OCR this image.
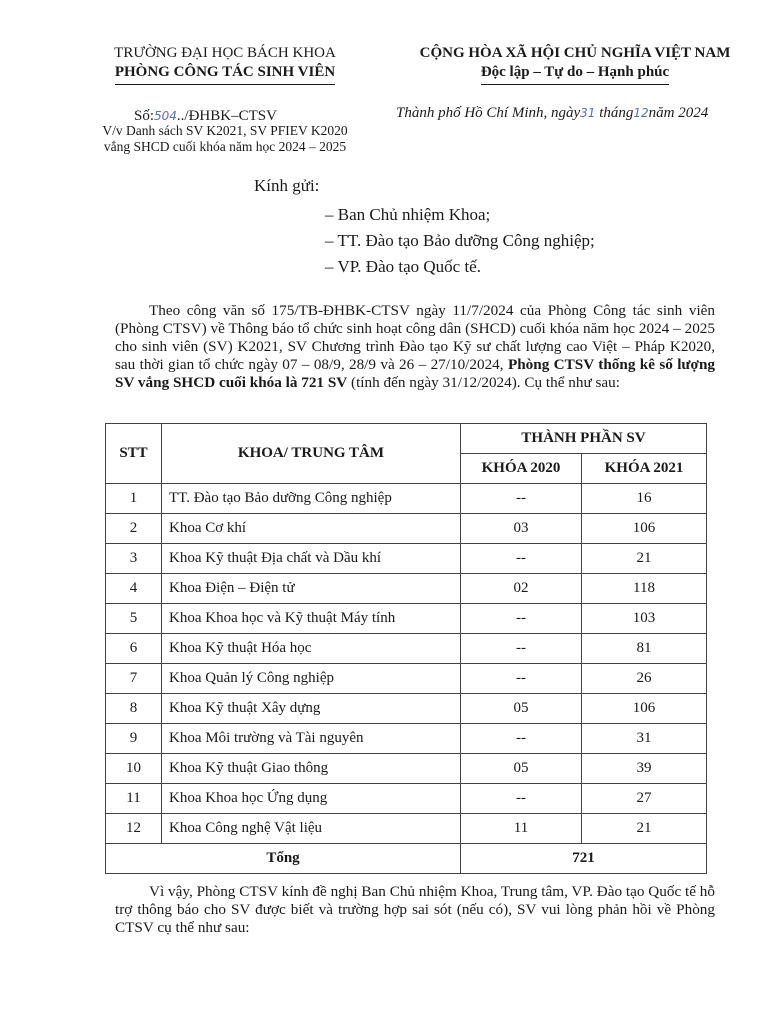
TRƯỜNG ĐẠI HỌC BÁCH KHOA
PHÒNG CÔNG TÁC SINH VIÊN
CỘNG HÒA XÃ HỘI CHỦ NGHĨA VIỆT NAM
Độc lập – Tự do – Hạnh phúc
Số:504../ĐHBK–CTSV
V/v Danh sách SV K2021, SV PFIEV K2020
vắng SHCD cuối khóa năm học 2024 – 2025
Thành phố Hồ Chí Minh, ngày31 tháng12năm 2024
Kính gửi:
– Ban Chủ nhiệm Khoa;
– TT. Đào tạo Bảo dưỡng Công nghiệp;
– VP. Đào tạo Quốc tế.

Theo công văn số 175/TB-ĐHBK-CTSV ngày 11/7/2024 của Phòng Công tác sinh viên (Phòng CTSV) về Thông báo tổ chức sinh hoạt công dân (SHCD) cuối khóa năm học 2024 – 2025 cho sinh viên (SV) K2021, SV Chương trình Đào tạo Kỹ sư chất lượng cao Việt – Pháp K2020, sau thời gian tổ chức ngày 07 – 08/9, 28/9 và 26 – 27/10/2024, Phòng CTSV thống kê số lượng SV vắng SHCD cuối khóa là 721 SV (tính đến ngày 31/12/2024). Cụ thể như sau:

STT	KHOA/ TRUNG TÂM	THÀNH PHẦN SV	
		KHÓA 2020	KHÓA 2021
1	TT. Đào tạo Bảo dưỡng Công nghiệp	--	16
2	Khoa Cơ khí	03	106
3	Khoa Kỹ thuật Địa chất và Dầu khí	--	21
4	Khoa Điện – Điện tử	02	118
5	Khoa Khoa học và Kỹ thuật Máy tính	--	103
6	Khoa Kỹ thuật Hóa học	--	81
7	Khoa Quản lý Công nghiệp	--	26
8	Khoa Kỹ thuật Xây dựng	05	106
9	Khoa Môi trường và Tài nguyên	--	31
10	Khoa Kỹ thuật Giao thông	05	39
11	Khoa Khoa học Ứng dụng	--	27
12	Khoa Công nghệ Vật liệu	11	21
Tổng		721	

Vì vậy, Phòng CTSV kính đề nghị Ban Chủ nhiệm Khoa, Trung tâm, VP. Đào tạo Quốc tế hỗ trợ thông báo cho SV được biết và trường hợp sai sót (nếu có), SV vui lòng phản hồi về Phòng CTSV cụ thể như sau:
